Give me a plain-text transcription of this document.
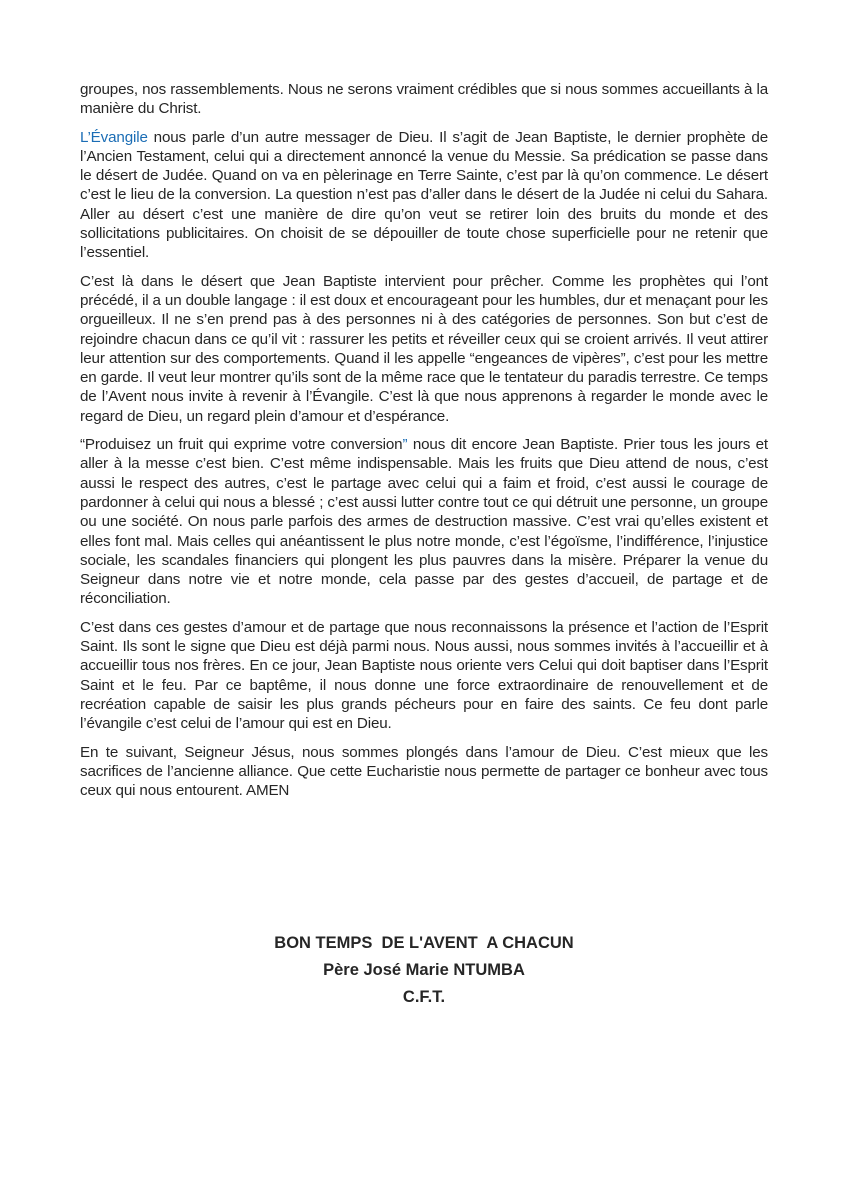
groupes, nos rassemblements. Nous ne serons vraiment crédibles que si nous sommes accueillants à la manière du Christ.

L’Évangile nous parle d’un autre messager de Dieu. Il s’agit de Jean Baptiste, le dernier prophète de l’Ancien Testament, celui qui a directement annoncé la venue du Messie. Sa prédication se passe dans le désert de Judée. Quand on va en pèlerinage en Terre Sainte, c’est par là qu’on commence. Le désert c’est le lieu de la conversion. La question n’est pas d’aller dans le désert de la Judée ni celui du Sahara. Aller au désert c’est une manière de dire qu’on veut se retirer loin des bruits du monde et des sollicitations publicitaires. On choisit de se dépouiller de toute chose superficielle pour ne retenir que l’essentiel.

C’est là dans le désert que Jean Baptiste intervient pour prêcher. Comme les prophètes qui l’ont précédé, il a un double langage : il est doux et encourageant pour les humbles, dur et menaçant pour les orgueilleux. Il ne s’en prend pas à des personnes ni à des catégories de personnes. Son but c’est de rejoindre chacun dans ce qu’il vit : rassurer les petits et réveiller ceux qui se croient arrivés. Il veut attirer leur attention sur des comportements. Quand il les appelle “engeances de vipères”, c’est pour les mettre en garde. Il veut leur montrer qu’ils sont de la même race que le tentateur du paradis terrestre. Ce temps de l’Avent nous invite à revenir à l’Évangile. C’est là que nous apprenons à regarder le monde avec le regard de Dieu, un regard plein d’amour et d’espérance.

“Produisez un fruit qui exprime votre conversion” nous dit encore Jean Baptiste. Prier tous les jours et aller à la messe c’est bien. C’est même indispensable. Mais les fruits que Dieu attend de nous, c’est aussi le respect des autres, c’est le partage avec celui qui a faim et froid, c’est aussi le courage de pardonner à celui qui nous a blessé ; c’est aussi lutter contre tout ce qui détruit une personne, un groupe ou une société. On nous parle parfois des armes de destruction massive. C’est vrai qu’elles existent et elles font mal. Mais celles qui anéantissent le plus notre monde, c’est l’égoïsme, l’indifférence, l’injustice sociale, les scandales financiers qui plongent les plus pauvres dans la misère. Préparer la venue du Seigneur dans notre vie et notre monde, cela passe par des gestes d’accueil, de partage et de réconciliation.

C’est dans ces gestes d’amour et de partage que nous reconnaissons la présence et l’action de l’Esprit Saint. Ils sont le signe que Dieu est déjà parmi nous. Nous aussi, nous sommes invités à l’accueillir et à accueillir tous nos frères. En ce jour, Jean Baptiste nous oriente vers Celui qui doit baptiser dans l’Esprit Saint et le feu. Par ce baptême, il nous donne une force extraordinaire de renouvellement et de recréation capable de saisir les plus grands pécheurs pour en faire des saints. Ce feu dont parle l’évangile c’est celui de l’amour qui est en Dieu.

En te suivant, Seigneur Jésus, nous sommes plongés dans l’amour de Dieu. C’est mieux que les sacrifices de l’ancienne alliance. Que cette Eucharistie nous permette de partager ce bonheur avec tous ceux qui nous entourent. AMEN

BON TEMPS  DE L'AVENT  A CHACUN
Père José Marie NTUMBA
C.F.T.
